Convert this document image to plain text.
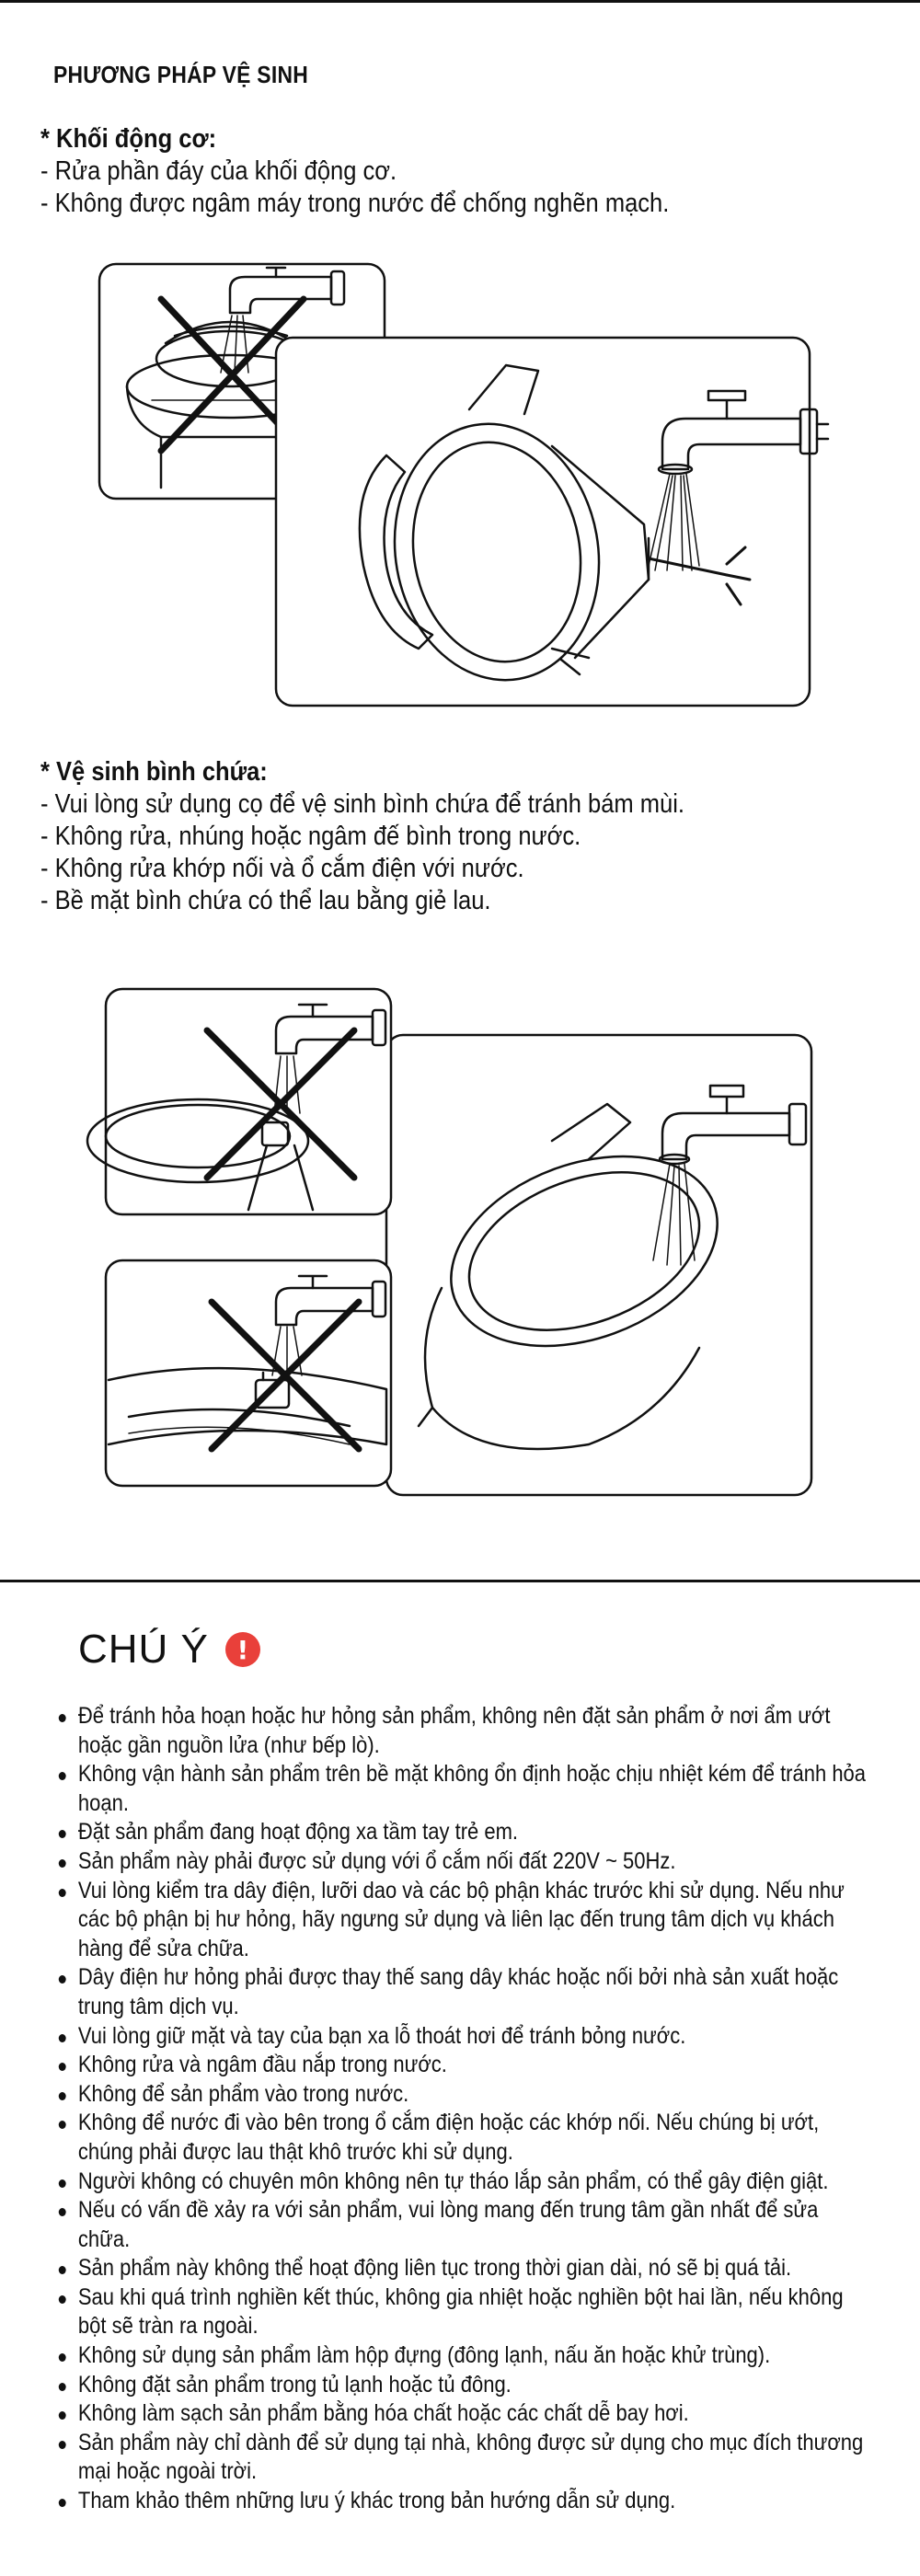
PHƯƠNG PHÁP VỆ SINH
* Khối động cơ:
- Rửa phần đáy của khối động cơ.
- Không được ngâm máy trong nước để chống nghẽn mạch.
* Vệ sinh bình chứa:
- Vui lòng sử dụng cọ để vệ sinh bình chứa để tránh bám mùi.
- Không rửa, nhúng hoặc ngâm đế bình trong nước.
- Không rửa khớp nối và ổ cắm điện với nước.
- Bề mặt bình chứa có thể lau bằng giẻ lau.
CHÚ Ý	!
Để tránh hỏa hoạn hoặc hư hỏng sản phẩm, không nên đặt sản phẩm ở nơi ẩm ướt hoặc gần nguồn lửa (như bếp lò).
Không vận hành sản phẩm trên bề mặt không ổn định hoặc chịu nhiệt kém để tránh hỏa hoạn.
Đặt sản phẩm đang hoạt động xa tầm tay trẻ em.
Sản phẩm này phải được sử dụng với ổ cắm nối đất 220V ~ 50Hz.
Vui lòng kiểm tra dây điện, lưỡi dao và các bộ phận khác trước khi sử dụng. Nếu như các bộ phận bị hư hỏng, hãy ngưng sử dụng và liên lạc đến trung tâm dịch vụ khách hàng để sửa chữa.
Dây điện hư hỏng phải được thay thế sang dây khác hoặc nối bởi nhà sản xuất hoặc trung tâm dịch vụ.
Vui lòng giữ mặt và tay của bạn xa lỗ thoát hơi để tránh bỏng nước.
Không rửa và ngâm đầu nắp trong nước.
Không để sản phẩm vào trong nước.
Không để nước đi vào bên trong ổ cắm điện hoặc các khớp nối. Nếu chúng bị ướt, chúng phải được lau thật khô trước khi sử dụng.
Người không có chuyên môn không nên tự tháo lắp sản phẩm, có thể gây điện giật.
Nếu có vấn đề xảy ra với sản phẩm, vui lòng mang đến trung tâm gần nhất để sửa chữa.
Sản phẩm này không thể hoạt động liên tục trong thời gian dài, nó sẽ bị quá tải.
Sau khi quá trình nghiền kết thúc, không gia nhiệt hoặc nghiền bột hai lần, nếu không bột sẽ tràn ra ngoài.
Không sử dụng sản phẩm làm hộp đựng (đông lạnh, nấu ăn hoặc khử trùng).
Không đặt sản phẩm trong tủ lạnh hoặc tủ đông.
Không làm sạch sản phẩm bằng hóa chất hoặc các chất dễ bay hơi.
Sản phẩm này chỉ dành để sử dụng tại nhà, không được sử dụng cho mục đích thương mại hoặc ngoài trời.
Tham khảo thêm những lưu ý khác trong bản hướng dẫn sử dụng.
